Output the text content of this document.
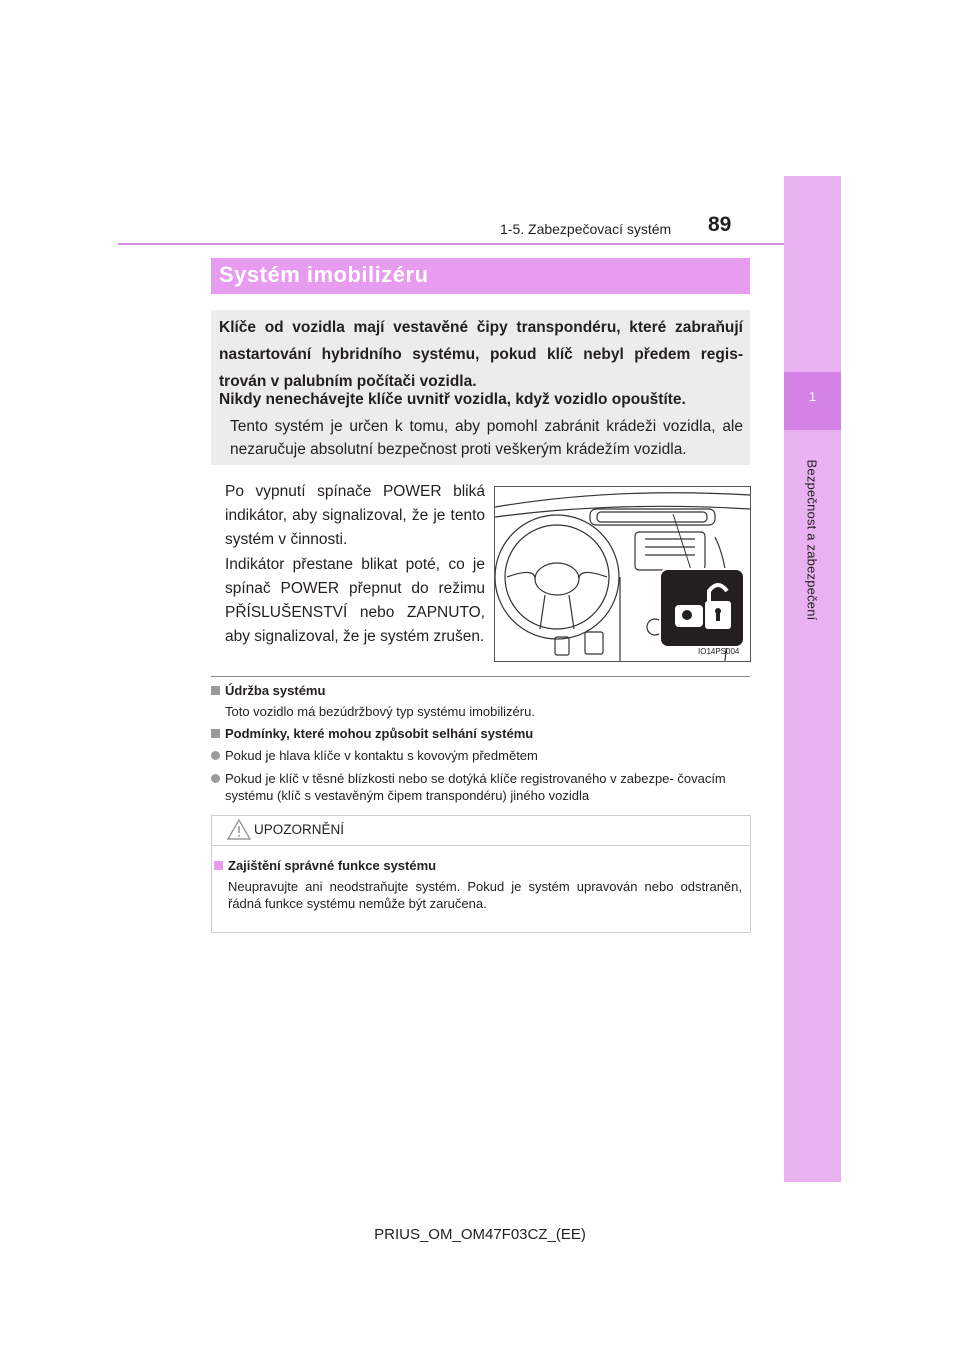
1
Bezpečnost a zabezpečení
1-5. Zabezpečovací systém 89
Systém imobilizéru
Klíče od vozidla mají vestavěné čipy transpondéru, které zabraňují nastartování hybridního systému, pokud klíč nebyl předem regis- trován v palubním počítači vozidla.
Nikdy nenechávejte klíče uvnitř vozidla, když vozidlo opouštíte.
Tento systém je určen k tomu, aby pomohl zabránit krádeži vozidla, ale nezaručuje absolutní bezpečnost proti veškerým krádežím vozidla.
Po vypnutí spínače POWER bliká indikátor, aby signalizoval, že je tento systém v činnosti.
Indikátor přestane blikat poté, co je spínač POWER přepnut do režimu PŘÍSLUŠENSTVÍ nebo ZAPNUTO, aby signalizoval, že je systém zrušen.
IO14PS004
Údržba systému
Toto vozidlo má bezúdržbový typ systému imobilizéru.
Podmínky, které mohou způsobit selhání systému
Pokud je hlava klíče v kontaktu s kovovým předmětem
Pokud je klíč v těsné blízkosti nebo se dotýká klíče registrovaného v zabezpe- čovacím systému (klíč s vestavěným čipem transpondéru) jiného vozidla
UPOZORNĚNÍ
Zajištění správné funkce systému
Neupravujte ani neodstraňujte systém. Pokud je systém upravován nebo odstraněn, řádná funkce systému nemůže být zaručena.
PRIUS_OM_OM47F03CZ_(EE)
